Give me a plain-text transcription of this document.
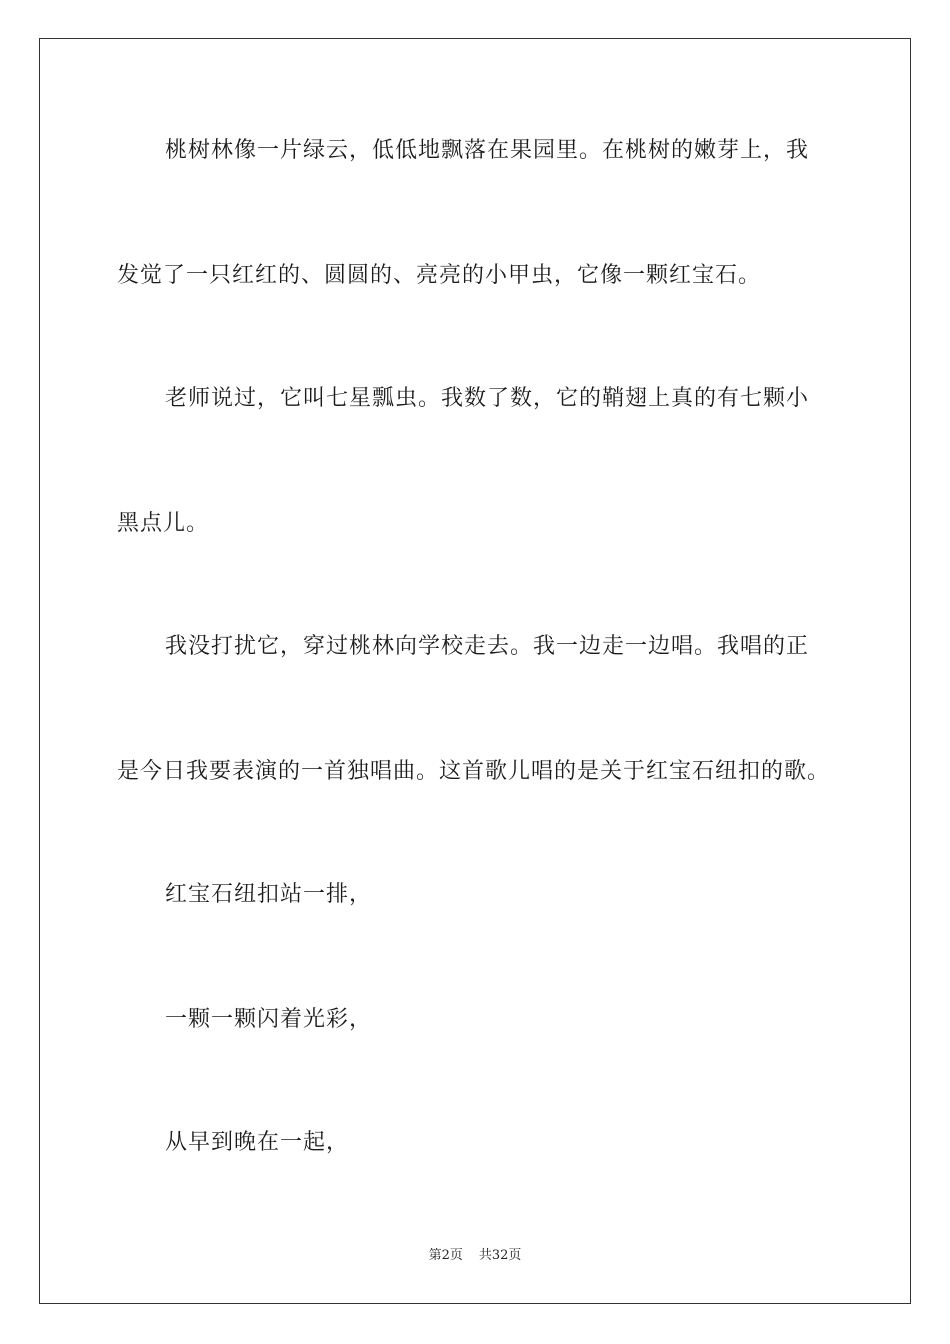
桃树林像一片绿云，低低地飘落在果园里。在桃树的嫩芽上，我
发觉了一只红红的、圆圆的、亮亮的小甲虫，它像一颗红宝石。
老师说过，它叫七星瓢虫。我数了数，它的鞘翅上真的有七颗小
黑点儿。
我没打扰它，穿过桃林向学校走去。我一边走一边唱。我唱的正
是今日我要表演的一首独唱曲。这首歌儿唱的是关于红宝石纽扣的歌。
红宝石纽扣站一排，
一颗一颗闪着光彩，
从早到晚在一起，
第2页 共32页
